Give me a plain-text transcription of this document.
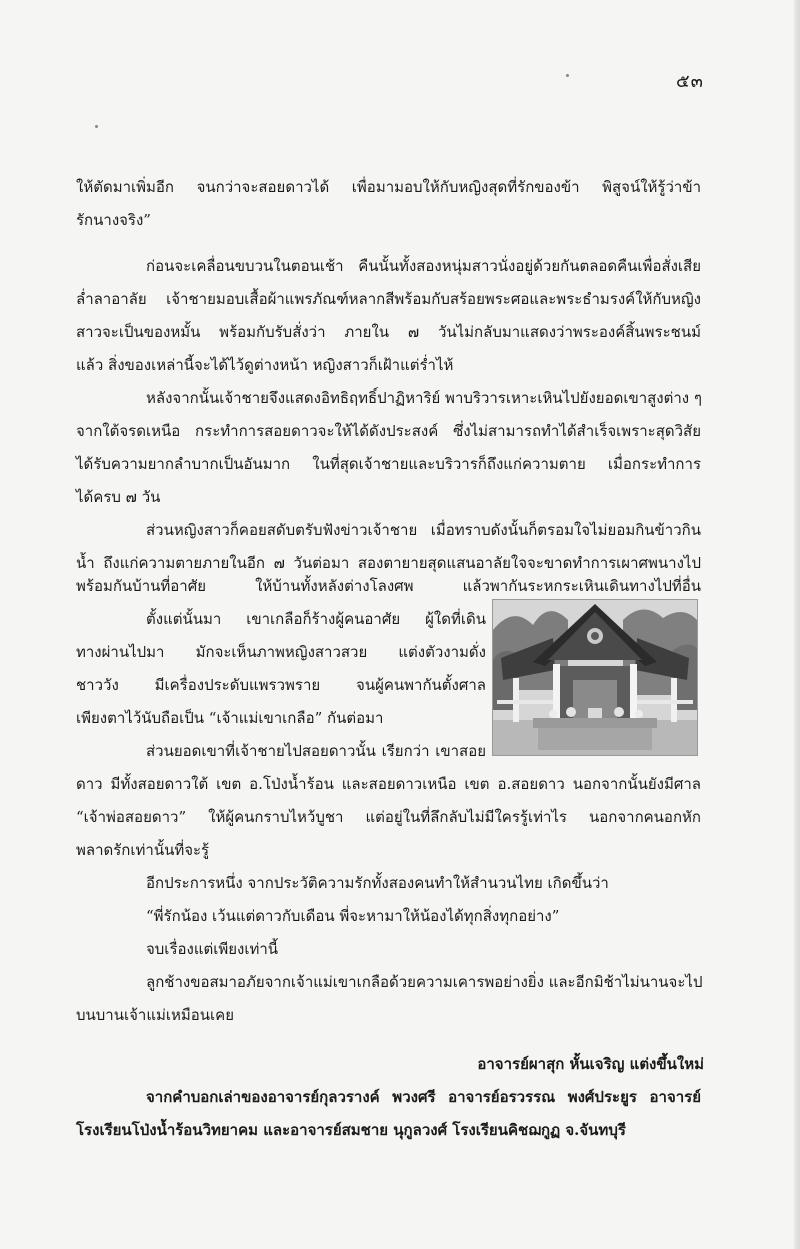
๕๓
ให้ตัดมาเพิ่มอีก จนกว่าจะสอยดาวได้ เพื่อมามอบให้กับหญิงสุดที่รักของข้า พิสูจน์ให้รู้ว่าข้า
รักนางจริง”
ก่อนจะเคลื่อนขบวนในตอนเช้า คืนนั้นทั้งสองหนุ่มสาวนั่งอยู่ด้วยกันตลอดคืนเพื่อสั่งเสีย
ล่ำลาอาลัย เจ้าชายมอบเสื้อผ้าแพรภัณฑ์หลากสีพร้อมกับสร้อยพระศอและพระธำมรงค์ให้กับหญิง
สาวจะเป็นของหมั้น พร้อมกับรับสั่งว่า ภายใน ๗ วันไม่กลับมาแสดงว่าพระองค์สิ้นพระชนม์
แล้ว สิ่งของเหล่านี้จะได้ไว้ดูต่างหน้า หญิงสาวก็เฝ้าแต่ร่ำไห้
หลังจากนั้นเจ้าชายจึงแสดงอิทธิฤทธิ์ปาฏิหาริย์ พาบริวารเหาะเหินไปยังยอดเขาสูงต่าง ๆ
จากใต้จรดเหนือ กระทำการสอยดาวจะให้ได้ดังประสงค์ ซึ่งไม่สามารถทำได้สำเร็จเพราะสุดวิสัย
ได้รับความยากลำบากเป็นอันมาก ในที่สุดเจ้าชายและบริวารก็ถึงแก่ความตาย เมื่อกระทำการ
ได้ครบ ๗ วัน
ส่วนหญิงสาวก็คอยสดับตรับฟังข่าวเจ้าชาย เมื่อทราบดังนั้นก็ตรอมใจไม่ยอมกินข้าวกิน
น้ำ ถึงแก่ความตายภายในอีก ๗ วันต่อมา สองตายายสุดแสนอาลัยใจจะขาดทำการเผาศพนางไป
พร้อมกันบ้านที่อาศัย ให้บ้านทั้งหลังต่างโลงศพ แล้วพากันระหกระเหินเดินทางไปที่อื่น
ตั้งแต่นั้นมา เขาเกลือก็ร้างผู้คนอาศัย ผู้ใดที่เดิน
ทางผ่านไปมา มักจะเห็นภาพหญิงสาวสวย แต่งตัวงามดั่ง
ชาววัง มีเครื่องประดับแพรวพราย จนผู้คนพากันตั้งศาล
เพียงตาไว้นับถือเป็น “เจ้าแม่เขาเกลือ” กันต่อมา
ส่วนยอดเขาที่เจ้าชายไปสอยดาวนั้น เรียกว่า เขาสอย
ดาว มีทั้งสอยดาวใต้ เขต อ.โป่งน้ำร้อน และสอยดาวเหนือ เขต อ.สอยดาว นอกจากนั้นยังมีศาล
“เจ้าพ่อสอยดาว” ให้ผู้คนกราบไหว้บูชา แต่อยู่ในที่ลึกลับไม่มีใครรู้เท่าไร นอกจากคนอกหัก
พลาดรักเท่านั้นที่จะรู้
อีกประการหนึ่ง จากประวัติความรักทั้งสองคนทำให้สำนวนไทย เกิดขึ้นว่า
“พี่รักน้อง เว้นแต่ดาวกับเดือน พี่จะหามาให้น้องได้ทุกสิ่งทุกอย่าง”
จบเรื่องแต่เพียงเท่านี้
ลูกช้างขอสมาอภัยจากเจ้าแม่เขาเกลือด้วยความเคารพอย่างยิ่ง และอีกมิช้าไม่นานจะไป
บนบานเจ้าแม่เหมือนเคย
อาจารย์ผาสุก หั้นเจริญ แต่งขึ้นใหม่
จากคำบอกเล่าของอาจารย์กุลวรางค์ พวงศรี อาจารย์อรวรรณ พงศ์ประยูร อาจารย์
โรงเรียนโป่งน้ำร้อนวิทยาคม และอาจารย์สมชาย นุกูลวงศ์ โรงเรียนคิชฌกูฏ จ.จันทบุรี
